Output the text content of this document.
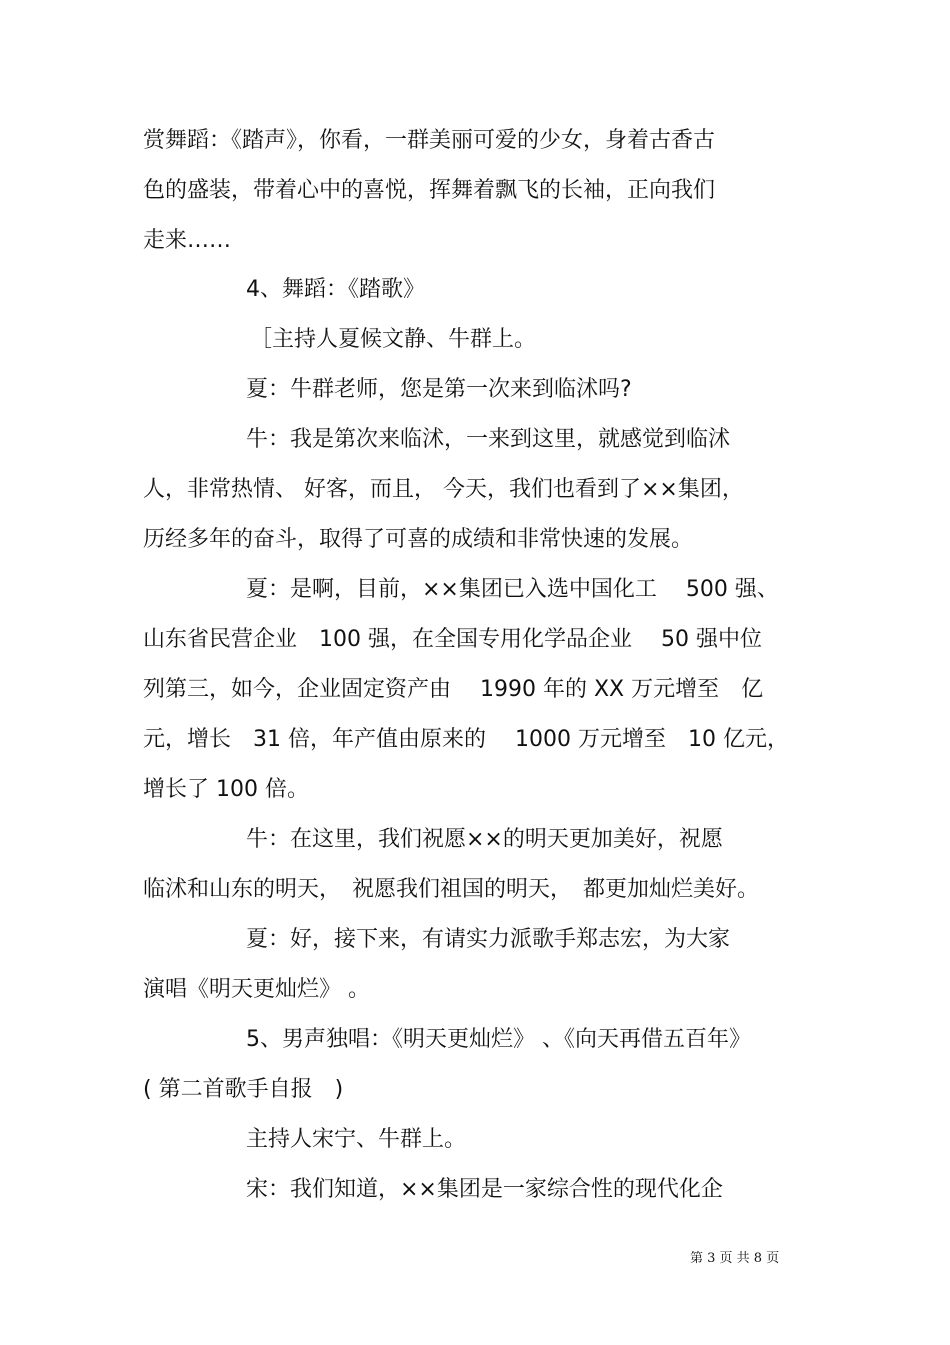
赏舞蹈：《踏声》，你看，一群美丽可爱的少女，身着古香古
色的盛装，带着心中的喜悦，挥舞着飘飞的长袖，正向我们
走来……
4、舞蹈：《踏歌》
［主持人夏候文静、牛群上。
夏：牛群老师，您是第一次来到临沭吗?
牛：我是第次来临沭，一来到这里，就感觉到临沭
人，非常热情、 好客，而且， 今天，我们也看到了××集团，
历经多年的奋斗，取得了可喜的成绩和非常快速的发展。
夏：是啊，目前，××集团已入选中国化工　 500 强、
山东省民营企业　100 强，在全国专用化学品企业　 50 强中位
列第三，如今，企业固定资产由　 1990 年的 XX 万元增至　亿
元，增长　31 倍，年产值由原来的　 1000 万元增至　10 亿元，
增长了 100 倍。
牛：在这里，我们祝愿××的明天更加美好，祝愿
临沭和山东的明天，　祝愿我们祖国的明天，　都更加灿烂美好。
夏：好，接下来，有请实力派歌手郑志宏，为大家
演唱《明天更灿烂》 。
5、男声独唱：《明天更灿烂》 、《向天再借五百年》
( 第二首歌手自报　)
主持人宋宁、牛群上。
宋：我们知道，××集团是一家综合性的现代化企
第 3 页 共 8 页
